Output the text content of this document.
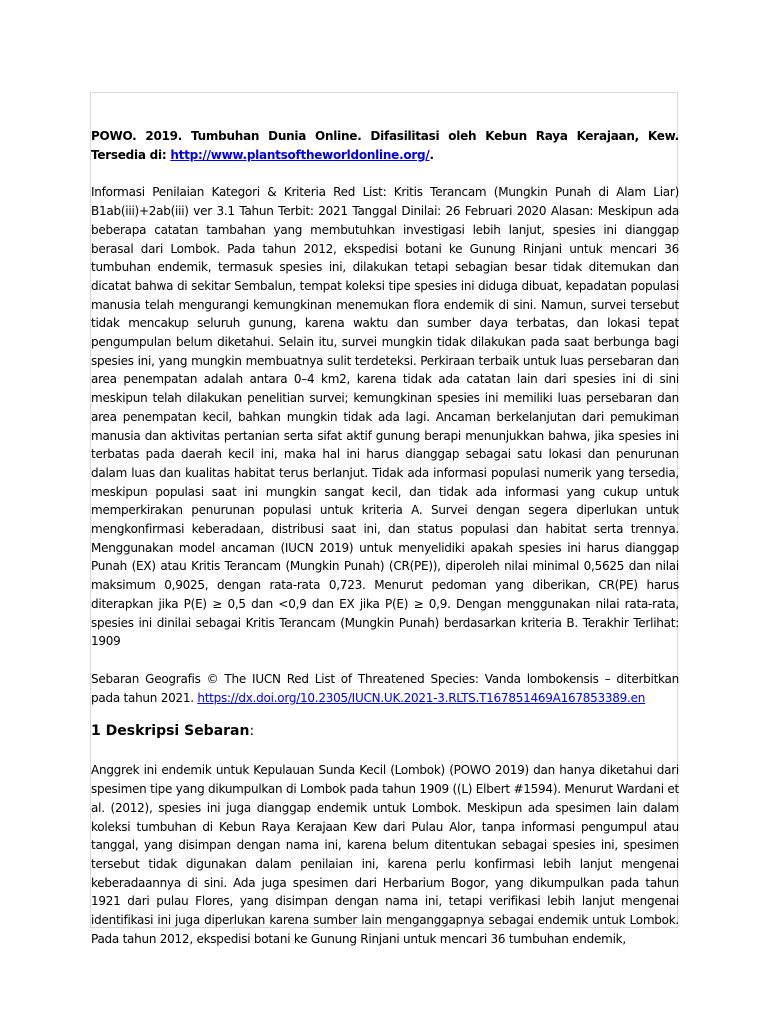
POWO. 2019. Tumbuhan Dunia Online. Difasilitasi oleh Kebun Raya Kerajaan, Kew. Tersedia di: http://www.plantsoftheworldonline.org/.

Informasi Penilaian Kategori & Kriteria Red List: Kritis Terancam (Mungkin Punah di Alam Liar) B1ab(iii)+2ab(iii) ver 3.1 Tahun Terbit: 2021 Tanggal Dinilai: 26 Februari 2020 Alasan: Meskipun ada beberapa catatan tambahan yang membutuhkan investigasi lebih lanjut, spesies ini dianggap berasal dari Lombok. Pada tahun 2012, ekspedisi botani ke Gunung Rinjani untuk mencari 36 tumbuhan endemik, termasuk spesies ini, dilakukan tetapi sebagian besar tidak ditemukan dan dicatat bahwa di sekitar Sembalun, tempat koleksi tipe spesies ini diduga dibuat, kepadatan populasi manusia telah mengurangi kemungkinan menemukan flora endemik di sini. Namun, survei tersebut tidak mencakup seluruh gunung, karena waktu dan sumber daya terbatas, dan lokasi tepat pengumpulan belum diketahui. Selain itu, survei mungkin tidak dilakukan pada saat berbunga bagi spesies ini, yang mungkin membuatnya sulit terdeteksi. Perkiraan terbaik untuk luas persebaran dan area penempatan adalah antara 0–4 km2, karena tidak ada catatan lain dari spesies ini di sini meskipun telah dilakukan penelitian survei; kemungkinan spesies ini memiliki luas persebaran dan area penempatan kecil, bahkan mungkin tidak ada lagi. Ancaman berkelanjutan dari pemukiman manusia dan aktivitas pertanian serta sifat aktif gunung berapi menunjukkan bahwa, jika spesies ini terbatas pada daerah kecil ini, maka hal ini harus dianggap sebagai satu lokasi dan penurunan dalam luas dan kualitas habitat terus berlanjut. Tidak ada informasi populasi numerik yang tersedia, meskipun populasi saat ini mungkin sangat kecil, dan tidak ada informasi yang cukup untuk memperkirakan penurunan populasi untuk kriteria A. Survei dengan segera diperlukan untuk mengkonfirmasi keberadaan, distribusi saat ini, dan status populasi dan habitat serta trennya. Menggunakan model ancaman (IUCN 2019) untuk menyelidiki apakah spesies ini harus dianggap Punah (EX) atau Kritis Terancam (Mungkin Punah) (CR(PE)), diperoleh nilai minimal 0,5625 dan nilai maksimum 0,9025, dengan rata-rata 0,723. Menurut pedoman yang diberikan, CR(PE) harus diterapkan jika P(E) ≥ 0,5 dan <0,9 dan EX jika P(E) ≥ 0,9. Dengan menggunakan nilai rata-rata, spesies ini dinilai sebagai Kritis Terancam (Mungkin Punah) berdasarkan kriteria B. Terakhir Terlihat: 1909

Sebaran Geografis © The IUCN Red List of Threatened Species: Vanda lombokensis – diterbitkan pada tahun 2021. https://dx.doi.org/10.2305/IUCN.UK.2021-3.RLTS.T167851469A167853389.en

1 Deskripsi Sebaran:

Anggrek ini endemik untuk Kepulauan Sunda Kecil (Lombok) (POWO 2019) dan hanya diketahui dari spesimen tipe yang dikumpulkan di Lombok pada tahun 1909 ((L) Elbert #1594). Menurut Wardani et al. (2012), spesies ini juga dianggap endemik untuk Lombok. Meskipun ada spesimen lain dalam koleksi tumbuhan di Kebun Raya Kerajaan Kew dari Pulau Alor, tanpa informasi pengumpul atau tanggal, yang disimpan dengan nama ini, karena belum ditentukan sebagai spesies ini, spesimen tersebut tidak digunakan dalam penilaian ini, karena perlu konfirmasi lebih lanjut mengenai keberadaannya di sini. Ada juga spesimen dari Herbarium Bogor, yang dikumpulkan pada tahun 1921 dari pulau Flores, yang disimpan dengan nama ini, tetapi verifikasi lebih lanjut mengenai identifikasi ini juga diperlukan karena sumber lain menganggapnya sebagai endemik untuk Lombok. Pada tahun 2012, ekspedisi botani ke Gunung Rinjani untuk mencari 36 tumbuhan endemik,
